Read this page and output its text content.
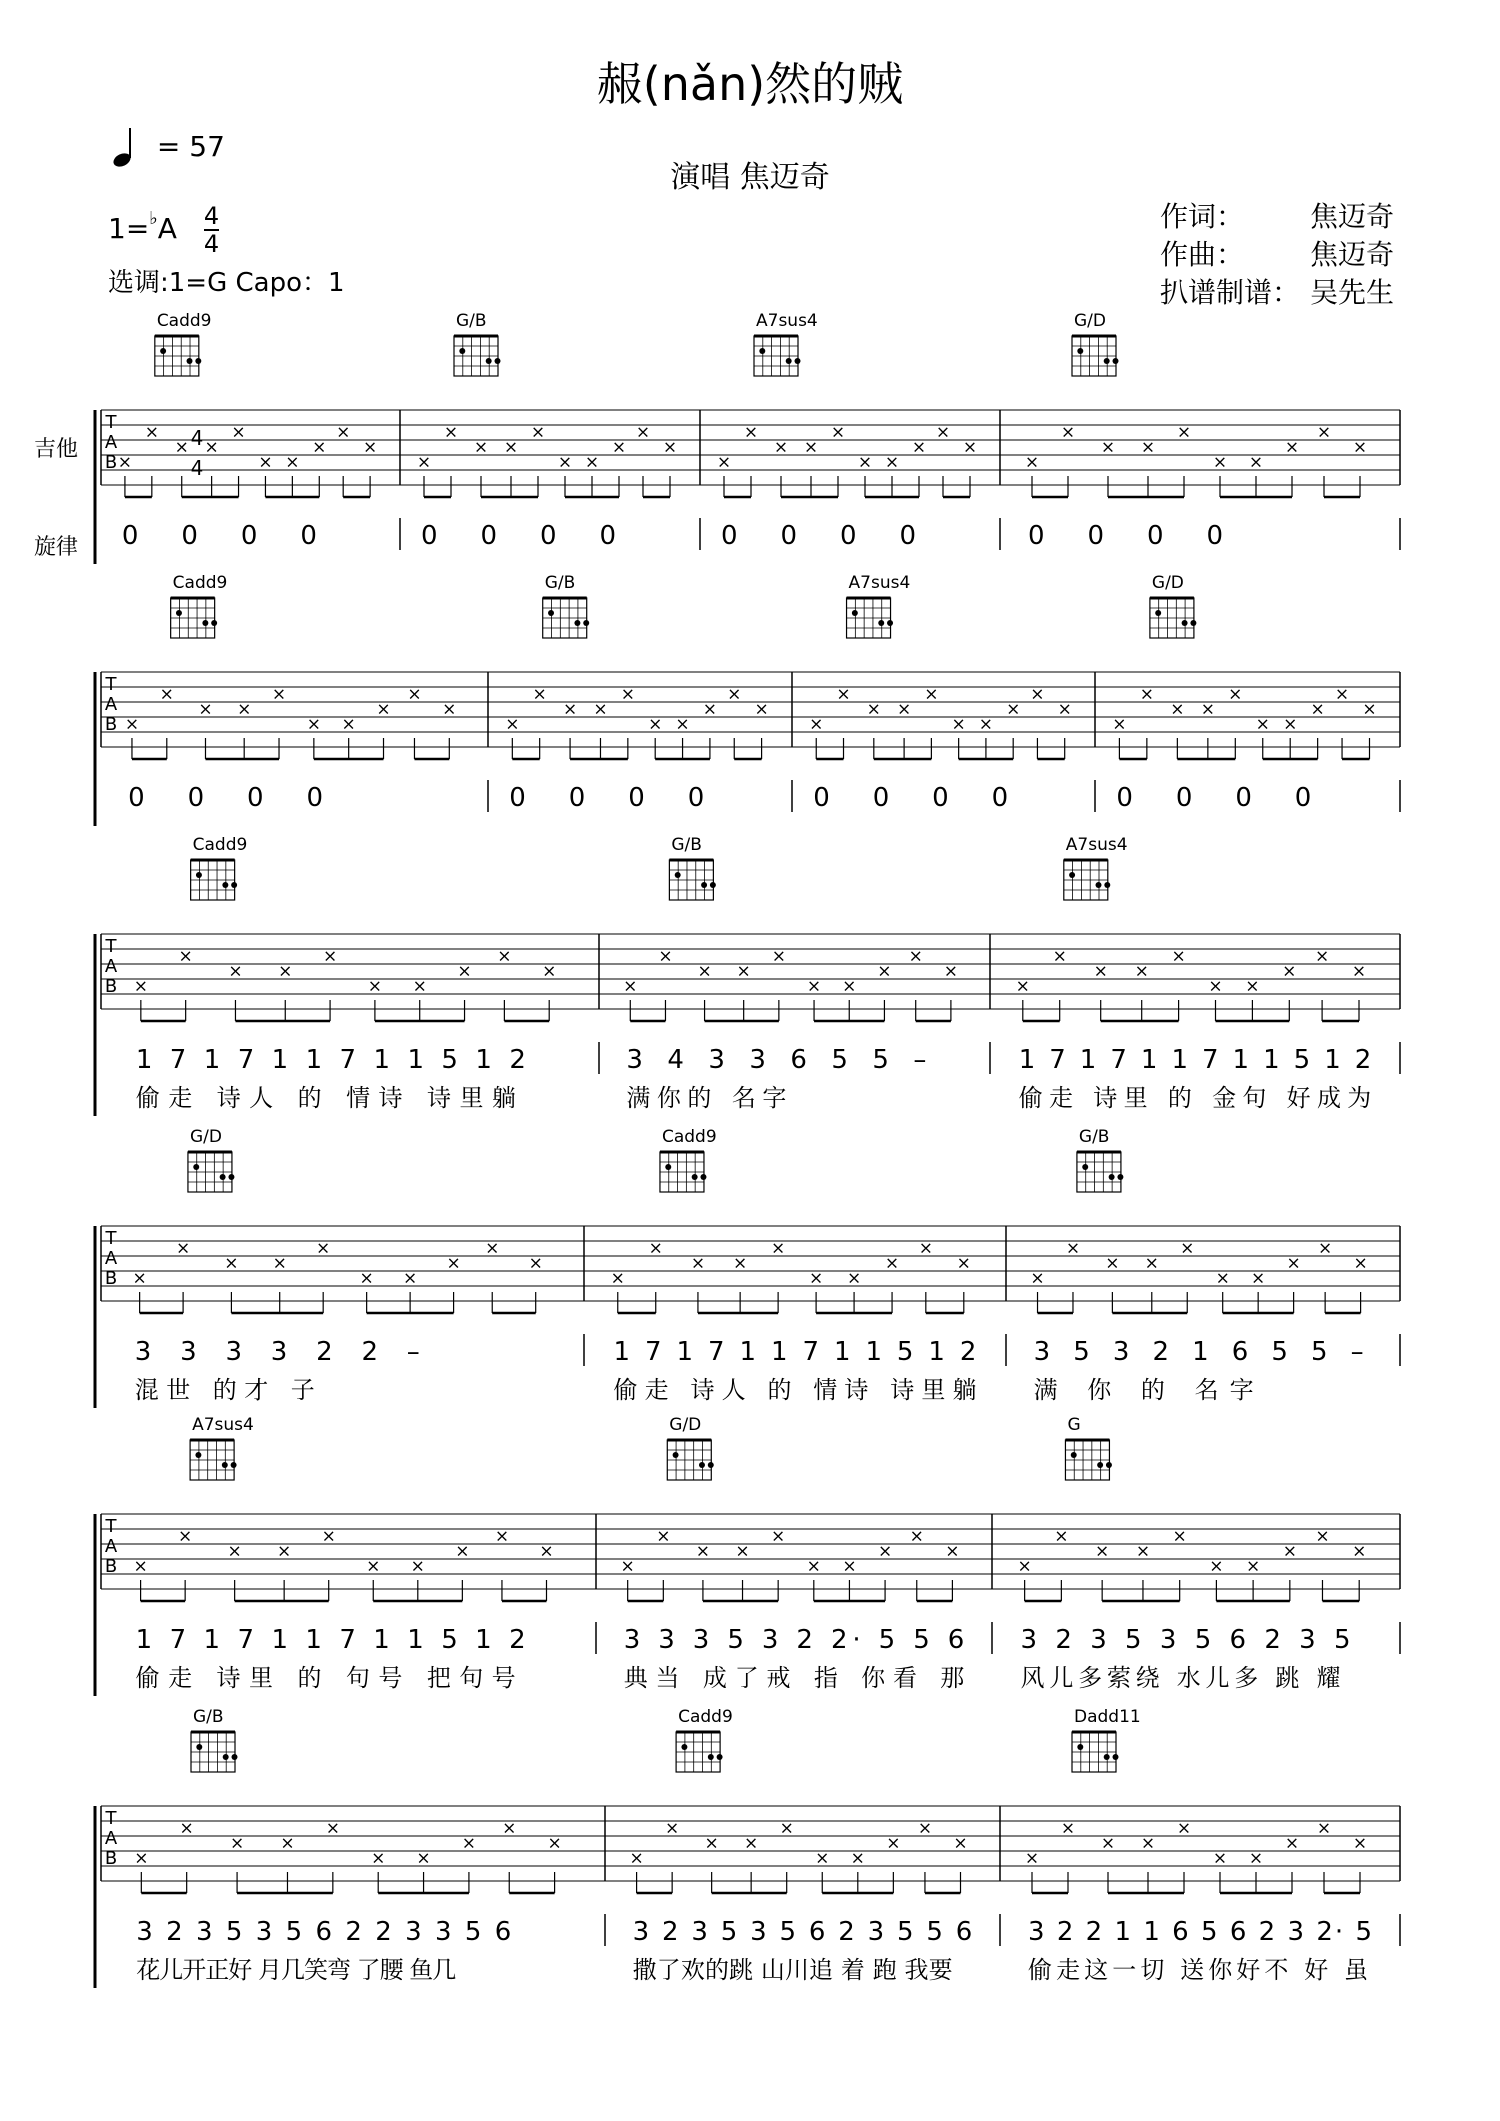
赧(nǎn)然的贼
= 57
演唱 焦迈奇
$1=^♭A \frac{4}{4}$
选调:1=G Capo：1
作词：	焦迈奇
作曲：	焦迈奇
扒谱制谱： 吴先生
吉他
旋律
T
A
B
4
4
Cadd9
×
×
× ×
×
× ×
×
×
×
0 0 0 0
G/B
×
×
× ×
×
× ×
×
×
×
0 0 0 0
A7sus4
×
×
× ×
×
× ×
×
×
×
0 0 0 0
G/D
×
×
× ×
×
× ×
×
×
×
0 0 0 0
T
A
B
Cadd9
×
×
× ×
×
× ×
×
×
×
0 0 0 0
G/B
×
×
× ×
×
× ×
×
×
×
0 0 0 0
A7sus4
×
×
× ×
×
× ×
×
×
×
0 0 0 0
G/D
×
×
× ×
×
× ×
×
×
×
0 0 0 0
T
A
B
Cadd9
×
×
× ×
×
× ×
×
×
×
1 7 1 7 1 1 7 1 1 5 1 2
偷走 诗人 的 情诗 诗里躺
G/B
×
×
× ×
×
× ×
×
×
×
3 4 3 3 6 5 5 –
满你的 名字
A7sus4
×
×
× ×
×
× ×
×
×
×
1 7 1 7 1 1 7 1 1 5 1 2
偷走 诗里 的 金句 好成为
T
A
B
G/D
×
×
× ×
×
× ×
×
×
×
3 3 3 3 2 2 –
混世 的才 子
Cadd9
×
×
× ×
×
× ×
×
×
×
1 7 1 7 1 1 7 1 1 5 1 2
偷走 诗人 的 情诗 诗里躺
G/B
×
×
× ×
×
× ×
×
×
×
3 5 3 2 1 6 5 5 –
满 你 的 名字
T
A
B
A7sus4
×
×
× ×
×
× ×
×
×
×
1 7 1 7 1 1 7 1 1 5 1 2
偷走 诗里 的 句号 把句号
G/D
×
×
× ×
×
× ×
×
×
×
3 3 3 5 3 2 2· 5 5 6
典当 成了戒 指 你看 那
G
×
×
× ×
×
× ×
×
×
×
3 2 3 5 3 5 6 2 3 5
风儿多萦绕 水儿多 跳 耀
T
A
B
G/B
×
×
× ×
×
× ×
×
×
×
3 2 3 5 3 5 6 2 2 3 3 5 6
花儿开正好 月几笑弯 了腰 鱼几
Cadd9
×
×
× ×
×
× ×
×
×
×
3 2 3 5 3 5 6 2 3 5 5 6
撒了欢的跳 山川追 着 跑 我要
Dadd11
×
×
× ×
×
× ×
×
×
×
3 2 2 1 1 6 5 6 2 3 2· 5
偷走这一切 送你好不 好 虽
